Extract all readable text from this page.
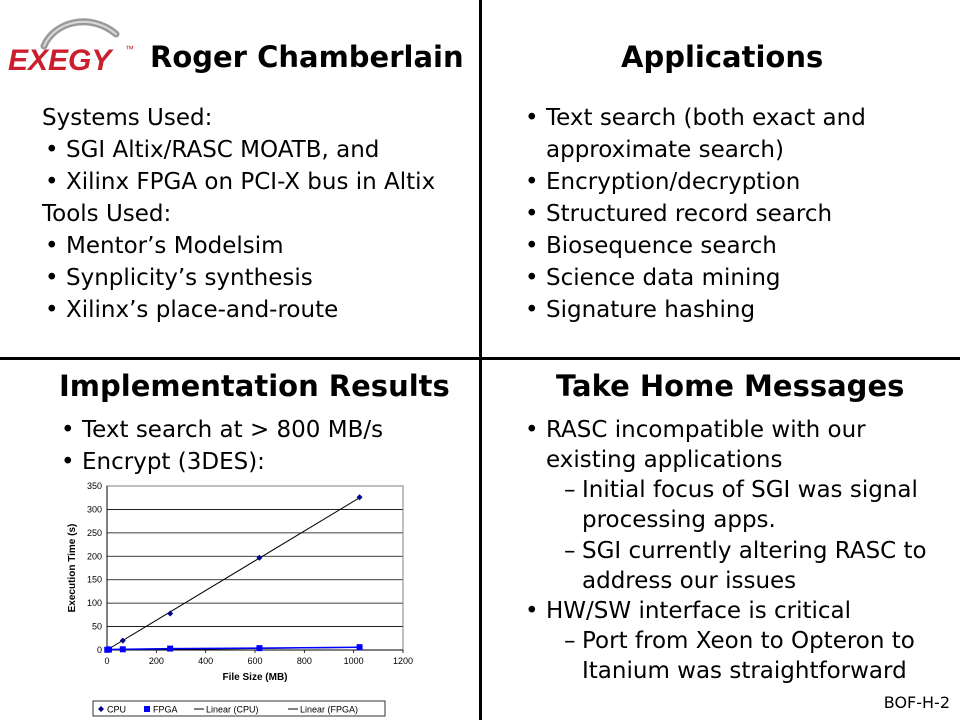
EXEGY	™ Roger Chamberlain
Systems Used:
• SGI Altix/RASC MOATB, and
• Xilinx FPGA on PCI-X bus in Altix
Tools Used:
• Mentor’s Modelsim
• Synplicity’s synthesis
• Xilinx’s place-and-route
Applications
• Text search (both exact and
approximate search)
• Encryption/decryption
• Structured record search
• Biosequence search
• Science data mining
• Signature hashing
Implementation Results
• Text search at > 800 MB/s
• Encrypt (3DES):
0
50
100
150
200
250
300
350
0	200	400	600	800	1000	1200
File Size (MB)
Execution Time (s)
CPU	FPGA	Linear (CPU)	Linear (FPGA)
Take Home Messages
• RASC incompatible with our
existing applications
– Initial focus of SGI was signal
processing apps.
– SGI currently altering RASC to
address our issues
• HW/SW interface is critical
– Port from Xeon to Opteron to
Itanium was straightforward
BOF-H-2
